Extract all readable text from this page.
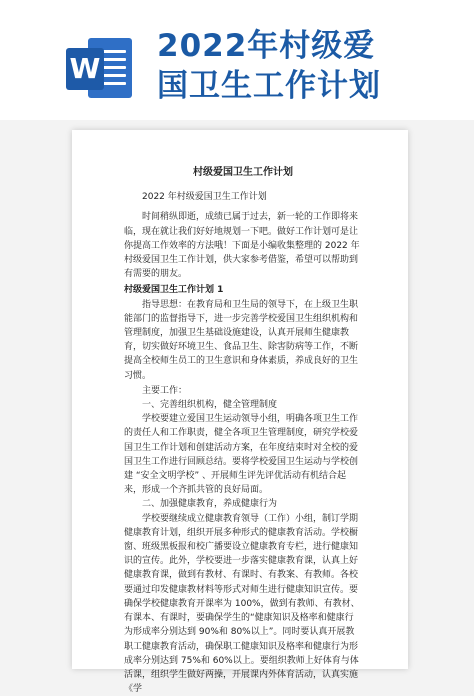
W
2022年村级爱
国卫生工作计划

村级爱国卫生工作计划

2022 年村级爱国卫生工作计划

时间稍纵即逝，成绩已属于过去，新一轮的工作即将来临，现在就让我们好好地规划一下吧。做好工作计划可是让你提高工作效率的方法哦！下面是小编收集整理的 2022 年村级爱国卫生工作计划，供大家参考借鉴，希望可以帮助到有需要的朋友。

村级爱国卫生工作计划 1

指导思想：在教育局和卫生局的领导下，在上级卫生职能部门的监督指导下，进一步完善学校爱国卫生组织机构和管理制度，加强卫生基础设施建设，认真开展师生健康教育，切实做好环境卫生、食品卫生、除害防病等工作，不断提高全校师生员工的卫生意识和身体素质，养成良好的卫生习惯。

主要工作：

一、完善组织机构，健全管理制度

学校要建立爱国卫生运动领导小组，明确各项卫生工作的责任人和工作职责，健全各项卫生管理制度，研究学校爱国卫生工作计划和创建活动方案，在年度结束时对全校的爱国卫生工作进行回顾总结。要将学校爱国卫生运动与学校创建 “安全文明学校” 、开展师生评先评优活动有机结合起来，形成一个齐抓共管的良好局面。

二、加强健康教育，养成健康行为

学校要继续成立健康教育领导（工作）小组，制订学期健康教育计划，组织开展多种形式的健康教育活动。学校橱窗、班级黑板报和校广播要设立健康教育专栏，进行健康知识的宣传。此外，学校要进一步落实健康教育课，认真上好健康教育课，做到有教材、有课时、有教案、有教师。各校要通过印发健康教材料等形式对师生进行健康知识宣传。要确保学校健康教育开课率为 100%，做到有教师、有教材、有课本、有课时，要确保学生的“健康知识及格率和健康行为形成率分别达到 90%和 80%以上”。同时要认真开展教职工健康教育活动，确保职工健康知识及格率和健康行为形成率分别达到 75%和 60%以上。要组织教师上好体育与体活课，组织学生做好两操，开展课内外体育活动，认真实施《学
